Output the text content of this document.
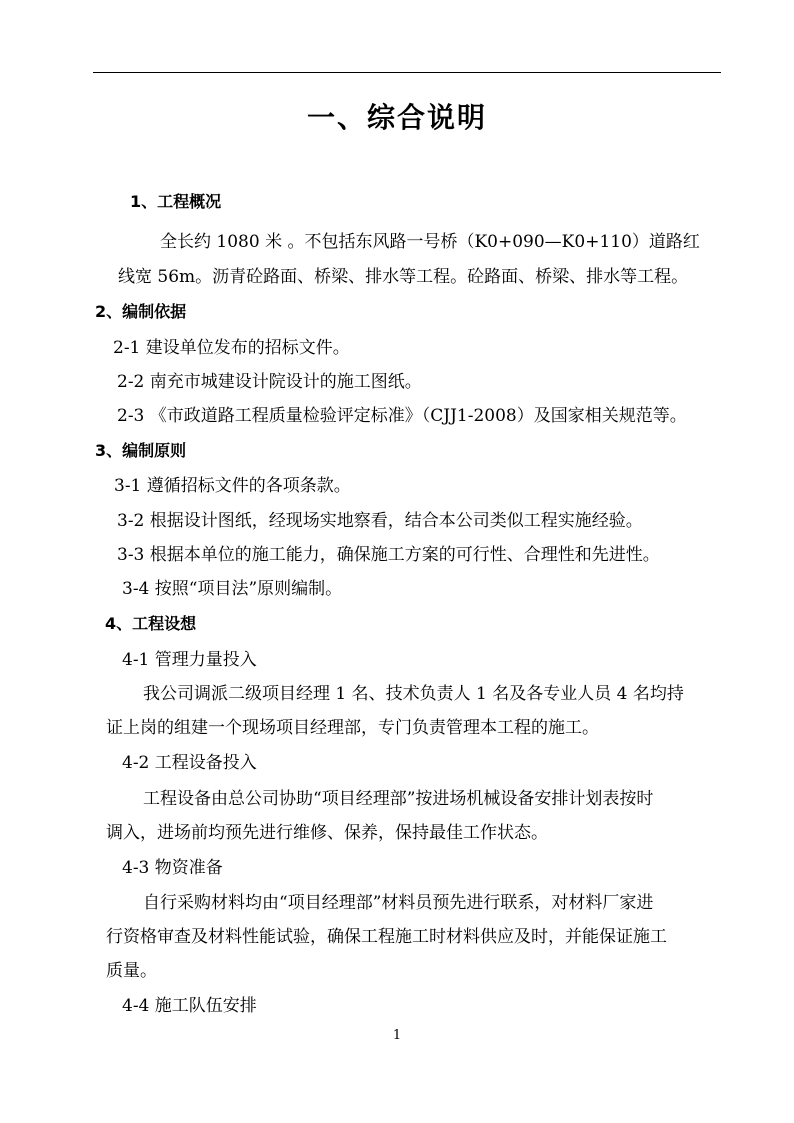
一、综合说明
1、工程概况
全长约 1080 米 。不包括东风路一号桥（K0+090—K0+110）道路红
线宽 56m。沥青砼路面、桥梁、排水等工程。砼路面、桥梁、排水等工程。
2、编制依据
2-1 建设单位发布的招标文件。
2-2 南充市城建设计院设计的施工图纸。
2-3 《市政道路工程质量检验评定标准》（CJJ1-2008）及国家相关规范等。
3、编制原则
3-1 遵循招标文件的各项条款。
3-2 根据设计图纸，经现场实地察看，结合本公司类似工程实施经验。
3-3 根据本单位的施工能力，确保施工方案的可行性、合理性和先进性。
3-4 按照“项目法”原则编制。
4、工程设想
4-1 管理力量投入
我公司调派二级项目经理 1 名、技术负责人 1 名及各专业人员 4 名均持
证上岗的组建一个现场项目经理部，专门负责管理本工程的施工。
4-2 工程设备投入
工程设备由总公司协助“项目经理部”按进场机械设备安排计划表按时
调入，进场前均预先进行维修、保养，保持最佳工作状态。
4-3 物资准备
自行采购材料均由“项目经理部”材料员预先进行联系，对材料厂家进
行资格审查及材料性能试验，确保工程施工时材料供应及时，并能保证施工
质量。
4-4 施工队伍安排
1
